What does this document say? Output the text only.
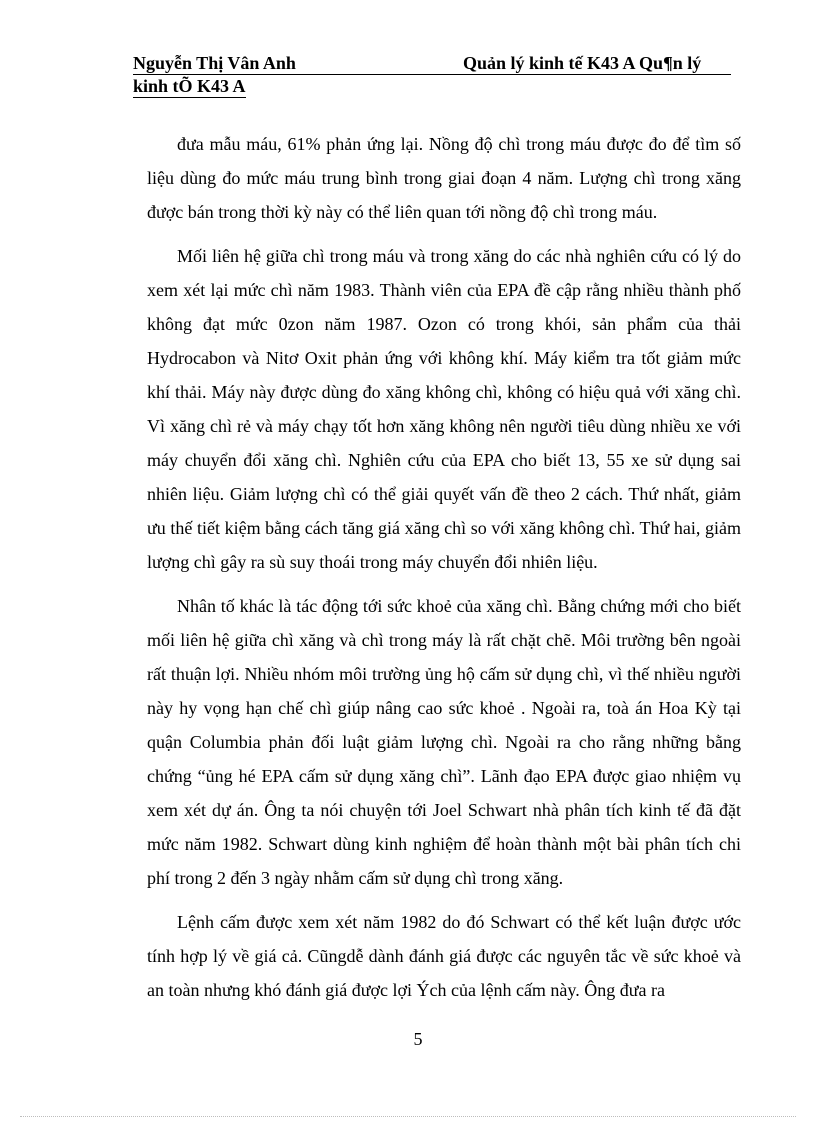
Nguyễn Thị Vân Anh	Quản lý kinh tế K43 A Qu¶n lý
kinh tÕ K43 A

đưa mẫu máu, 61% phản ứng lại. Nồng độ chì trong máu được đo để tìm số liệu dùng đo mức máu trung bình trong giai đoạn 4 năm. Lượng chì trong xăng được bán trong thời kỳ này có thể liên quan tới nồng độ chì trong máu.

Mối liên hệ giữa chì trong máu và trong xăng do các nhà nghiên cứu có lý do xem xét lại mức chì năm 1983. Thành viên của EPA đề cập rằng nhiều thành phố không đạt mức 0zon năm 1987. Ozon có trong khói, sản phẩm của thải Hydrocabon và Nitơ Oxit phản ứng với không khí. Máy kiểm tra tốt giảm mức khí thải. Máy này được dùng đo xăng không chì, không có hiệu quả với xăng chì. Vì xăng chì rẻ và máy chạy tốt hơn xăng không nên người tiêu dùng nhiều xe với máy chuyển đổi xăng chì. Nghiên cứu của EPA cho biết 13, 55 xe sử dụng sai nhiên liệu. Giảm lượng chì có thể giải quyết vấn đề theo 2 cách. Thứ nhất, giảm ưu thế tiết kiệm bằng cách tăng giá xăng chì so với xăng không chì. Thứ hai, giảm lượng chì gây ra sù suy thoái trong máy chuyển đổi nhiên liệu.

Nhân tố khác là tác động tới sức khoẻ của xăng chì. Bằng chứng mới cho biết mối liên hệ giữa chì xăng và chì trong máy là rất chặt chẽ. Môi trường bên ngoài rất thuận lợi. Nhiều nhóm môi trường ủng hộ cấm sử dụng chì, vì thế nhiều người này hy vọng hạn chế chì giúp nâng cao sức khoẻ . Ngoài ra, toà án Hoa Kỳ tại quận Columbia phản đối luật giảm lượng chì. Ngoài ra cho rằng những bằng chứng “ủng hé EPA cấm sử dụng xăng chì”. Lãnh đạo EPA được giao nhiệm vụ xem xét dự án. Ông ta nói chuyện tới Joel Schwart nhà phân tích kinh tế đã đặt mức năm 1982. Schwart dùng kinh nghiệm để hoàn thành một bài phân tích chi phí trong 2 đến 3 ngày nhằm cấm sử dụng chì trong xăng.

Lệnh cấm được xem xét năm 1982 do đó Schwart có thể kết luận được ước tính hợp lý về giá cả. Cũngdễ dành đánh giá được các nguyên tắc về sức khoẻ và an toàn nhưng khó đánh giá được lợi Ých của lệnh cấm này. Ông đưa ra

5
